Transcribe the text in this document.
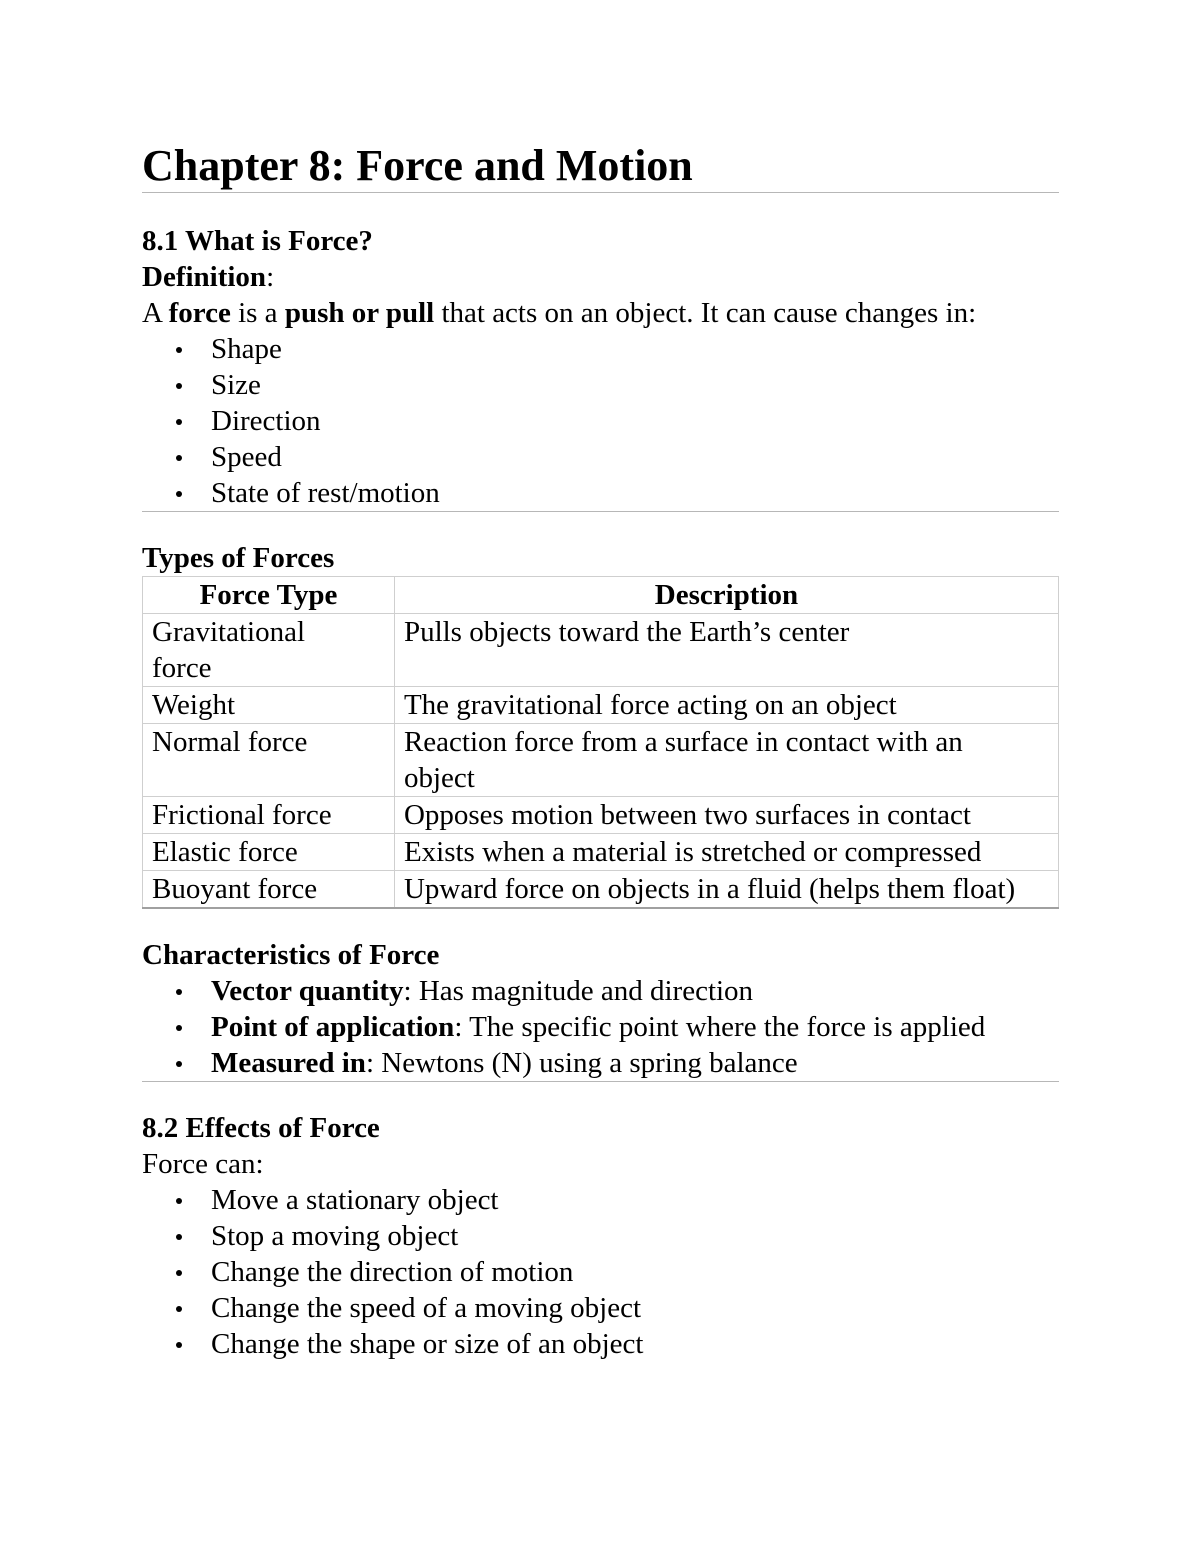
Chapter 8: Force and Motion

8.1 What is Force?

Definition:

A force is a push or pull that acts on an object. It can cause changes in:

Shape
Size
Direction
Speed
State of rest/motion

Types of Forces

Force Type	Description
Gravitational force	Pulls objects toward the Earth’s center
Weight	The gravitational force acting on an object
Normal force	Reaction force from a surface in contact with an object
Frictional force	Opposes motion between two surfaces in contact
Elastic force	Exists when a material is stretched or compressed
Buoyant force	Upward force on objects in a fluid (helps them float)

Characteristics of Force

Vector quantity: Has magnitude and direction
Point of application: The specific point where the force is applied
Measured in: Newtons (N) using a spring balance

8.2 Effects of Force

Force can:

Move a stationary object
Stop a moving object
Change the direction of motion
Change the speed of a moving object
Change the shape or size of an object
